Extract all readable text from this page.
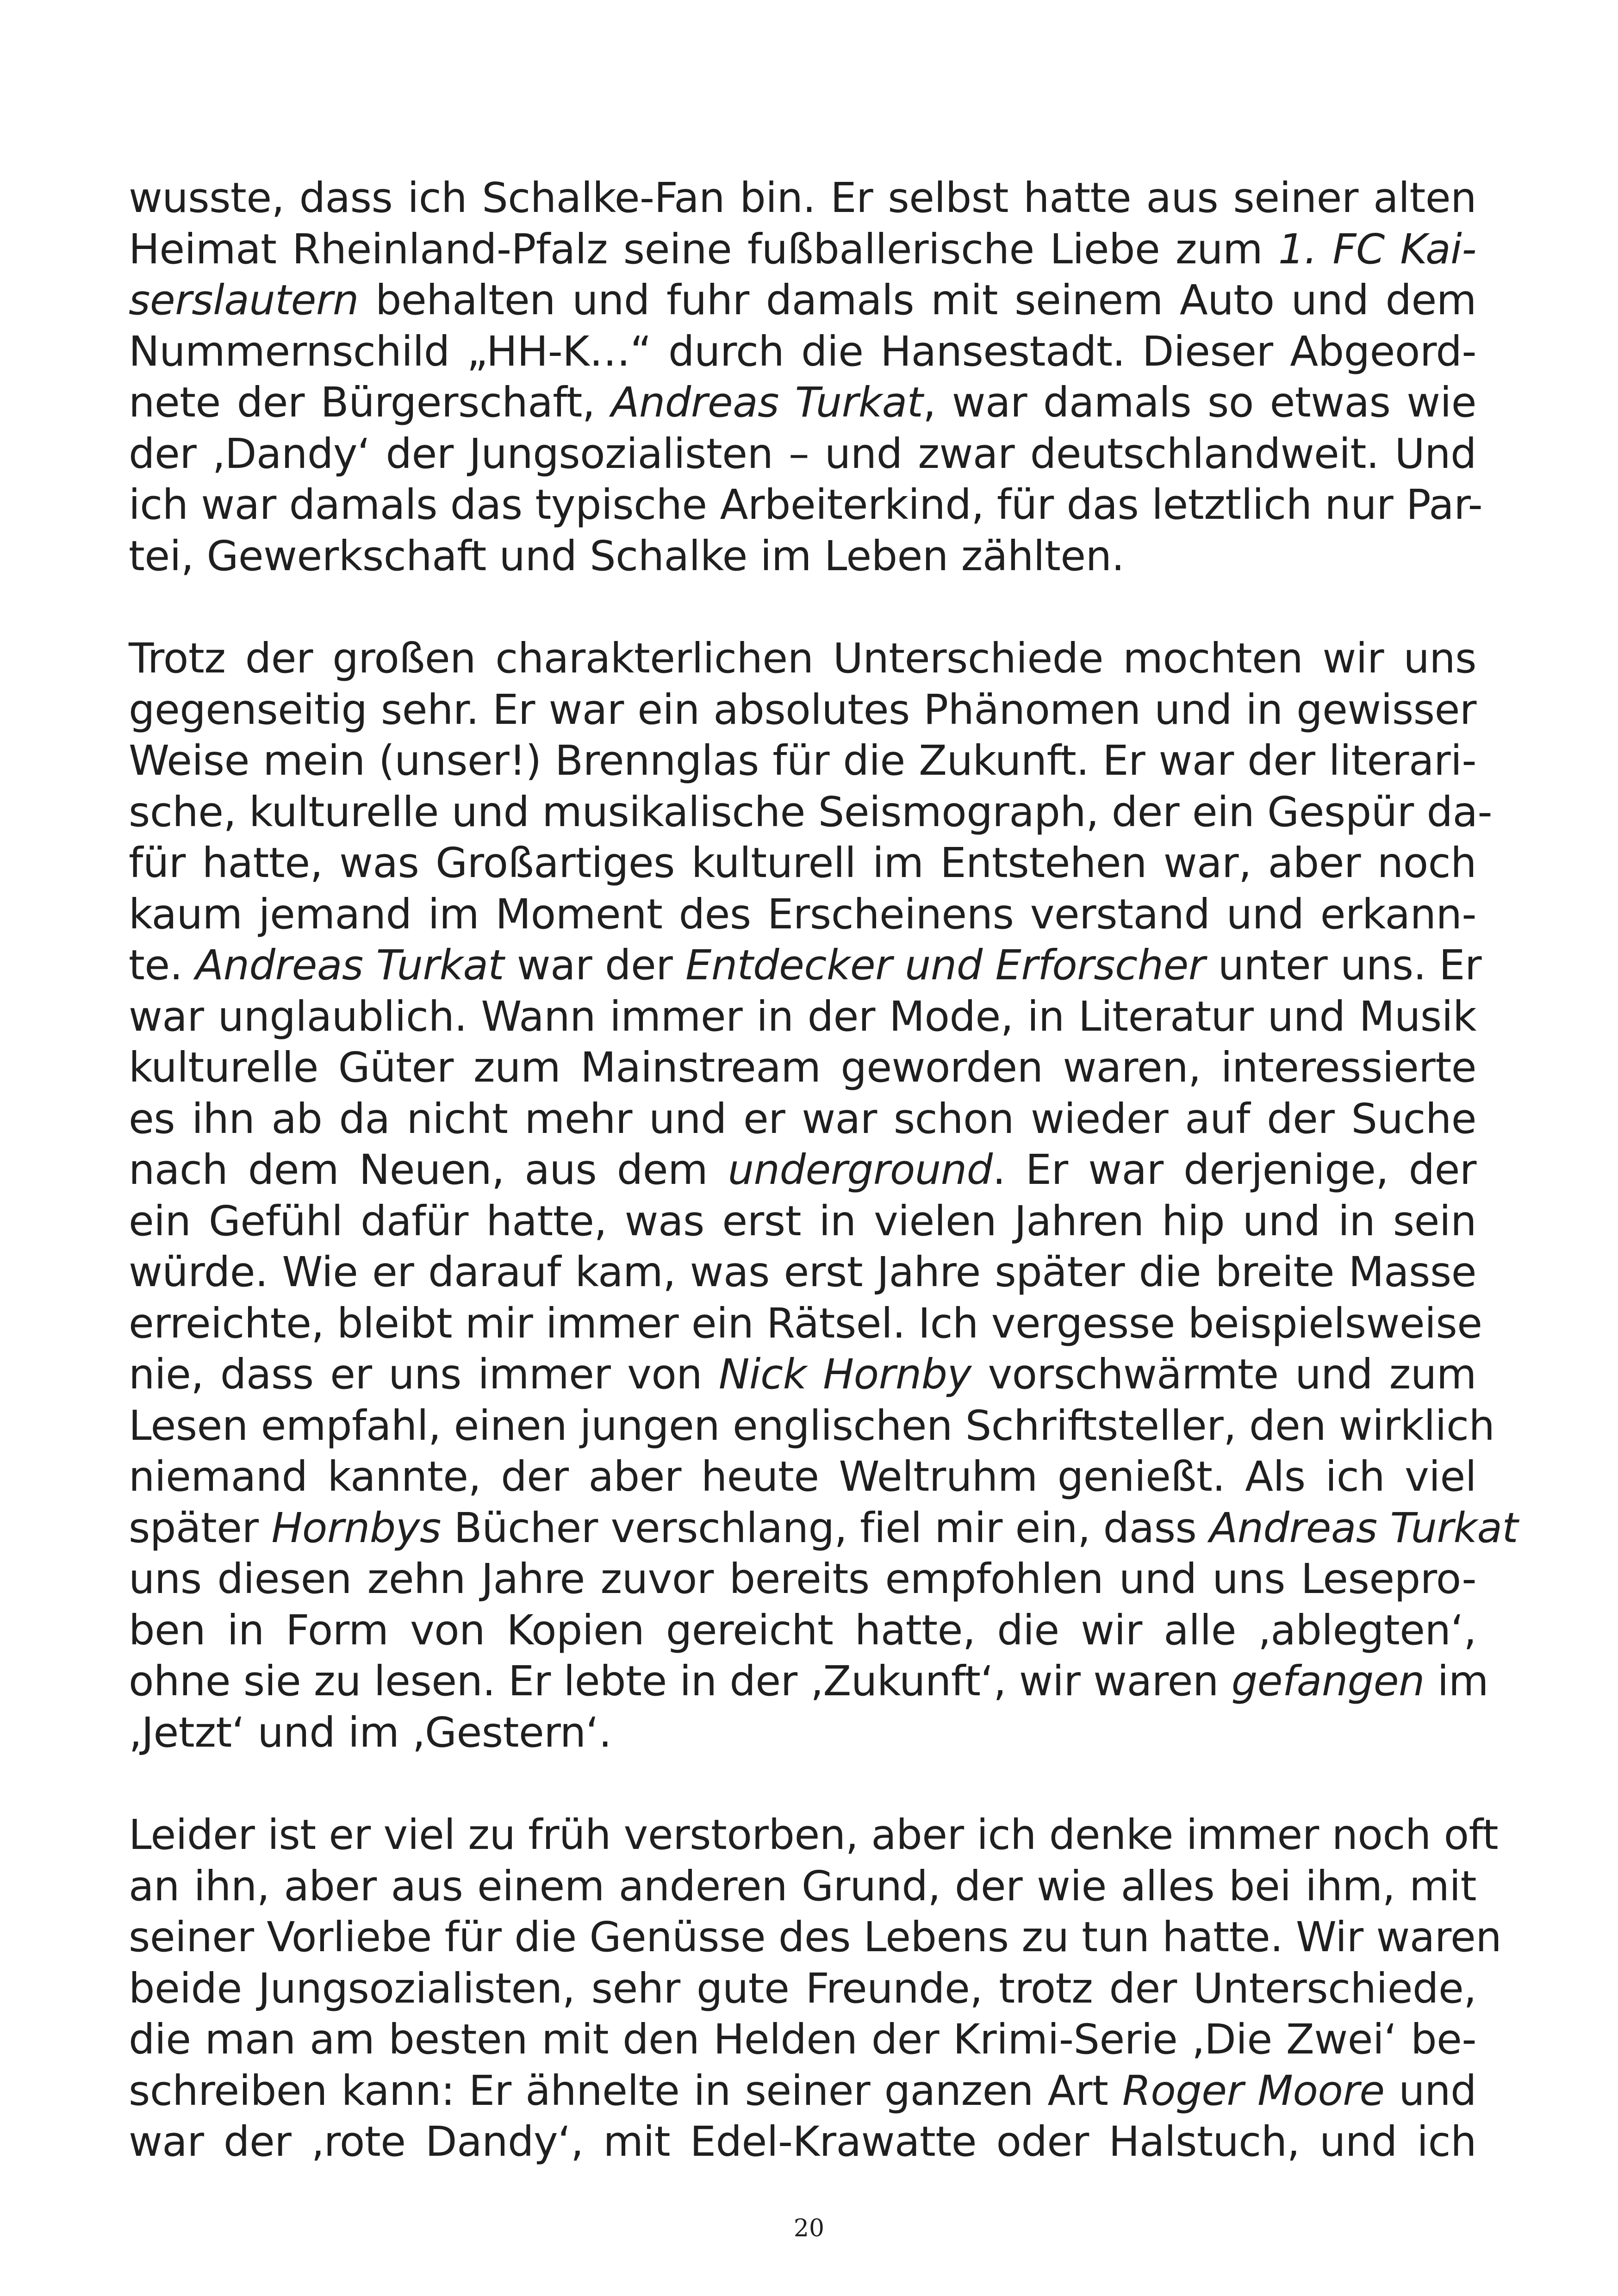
wusste, dass ich Schalke-Fan bin. Er selbst hatte aus seiner alten
Heimat Rheinland-Pfalz seine fußballerische Liebe zum 1. FC Kai-
serslautern behalten und fuhr damals mit seinem Auto und dem
Nummernschild „HH-K…“ durch die Hansestadt. Dieser Abgeord-
nete der Bürgerschaft, Andreas Turkat, war damals so etwas wie
der ‚Dandy‘ der Jungsozialisten – und zwar deutschlandweit. Und
ich war damals das typische Arbeiterkind, für das letztlich nur Par-
tei, Gewerkschaft und Schalke im Leben zählten.
Trotz der großen charakterlichen Unterschiede mochten wir uns
gegenseitig sehr. Er war ein absolutes Phänomen und in gewisser
Weise mein (unser!) Brennglas für die Zukunft. Er war der literari-
sche, kulturelle und musikalische Seismograph, der ein Gespür da-
für hatte, was Großartiges kulturell im Entstehen war, aber noch
kaum jemand im Moment des Erscheinens verstand und erkann-
te. Andreas Turkat war der Entdecker und Erforscher unter uns. Er
war unglaublich. Wann immer in der Mode, in Literatur und Musik
kulturelle Güter zum Mainstream geworden waren, interessierte
es ihn ab da nicht mehr und er war schon wieder auf der Suche
nach dem Neuen, aus dem underground. Er war derjenige, der
ein Gefühl dafür hatte, was erst in vielen Jahren hip und in sein
würde. Wie er darauf kam, was erst Jahre später die breite Masse
erreichte, bleibt mir immer ein Rätsel. Ich vergesse beispielsweise
nie, dass er uns immer von Nick Hornby vorschwärmte und zum
Lesen empfahl, einen jungen englischen Schriftsteller, den wirklich
niemand kannte, der aber heute Weltruhm genießt. Als ich viel
später Hornbys Bücher verschlang, fiel mir ein, dass Andreas Turkat
uns diesen zehn Jahre zuvor bereits empfohlen und uns Lesepro-
ben in Form von Kopien gereicht hatte, die wir alle ‚ablegten‘,
ohne sie zu lesen. Er lebte in der ‚Zukunft‘, wir waren gefangen im
‚Jetzt‘ und im ‚Gestern‘.
Leider ist er viel zu früh verstorben, aber ich denke immer noch oft
an ihn, aber aus einem anderen Grund, der wie alles bei ihm, mit
seiner Vorliebe für die Genüsse des Lebens zu tun hatte. Wir waren
beide Jungsozialisten, sehr gute Freunde, trotz der Unterschiede,
die man am besten mit den Helden der Krimi-Serie ‚Die Zwei‘ be-
schreiben kann: Er ähnelte in seiner ganzen Art Roger Moore und
war der ‚rote Dandy‘, mit Edel-Krawatte oder Halstuch, und ich
20
